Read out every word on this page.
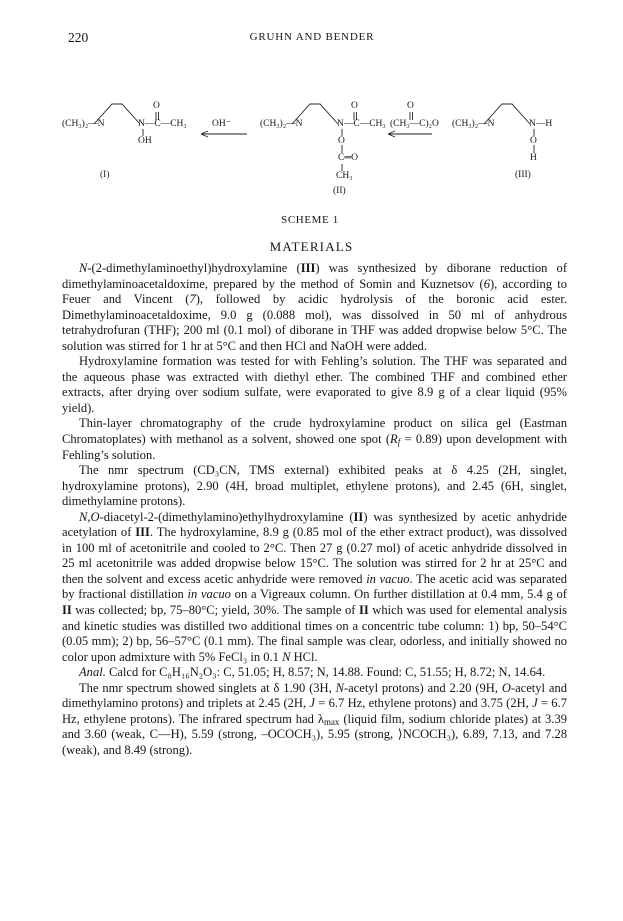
220	GRUHN AND BENDER
(CH₃)₂—N	N—C—CH₃
O
OH
(I)
OH⁻	(CH₃)₂—N	N—C—CH₃
O
O
C═O
CH₃
(II)
(CH₃—C)₂O
O
(CH₃)₂—N	N—H
O
H
(III)
SCHEME 1
MATERIALS

N-(2-dimethylaminoethyl)hydroxylamine (III) was synthesized by diborane reduction of dimethylaminoacetaldoxime, prepared by the method of Somin and Kuznetsov (6), according to Feuer and Vincent (7), followed by acidic hydrolysis of the boronic acid ester. Dimethylaminoacetaldoxime, 9.0 g (0.088 mol), was dissolved in 50 ml of anhydrous tetrahydrofuran (THF); 200 ml (0.1 mol) of diborane in THF was added dropwise below 5°C. The solution was stirred for 1 hr at 5°C and then HCl and NaOH were added.

Hydroxylamine formation was tested for with Fehling’s solution. The THF was separated and the aqueous phase was extracted with diethyl ether. The combined THF and combined ether extracts, after drying over sodium sulfate, were evaporated to give 8.9 g of a clear liquid (95% yield).

Thin-layer chromatography of the crude hydroxylamine product on silica gel (Eastman Chromatoplates) with methanol as a solvent, showed one spot $(R_f = 0.89)$ upon development with Fehling’s solution.

The nmr spectrum (CD₃CN, TMS external) exhibited peaks at δ 4.25 (2H, singlet, hydroxylamine protons), 2.90 (4H, broad multiplet, ethylene protons), and 2.45 (6H, singlet, dimethylamine protons).

N,O-diacetyl-2-(dimethylamino)ethylhydroxylamine (II) was synthesized by acetic anhydride acetylation of III. The hydroxylamine, 8.9 g (0.85 mol of the ether extract product), was dissolved in 100 ml of acetonitrile and cooled to 2°C. Then 27 g (0.27 mol) of acetic anhydride dissolved in 25 ml acetonitrile was added dropwise below 15°C. The solution was stirred for 2 hr at 25°C and then the solvent and excess acetic anhydride were removed in vacuo. The acetic acid was separated by fractional distillation in vacuo on a Vigreaux column. On further distillation at 0.4 mm, 5.4 g of II was collected; bp, 75–80°C; yield, 30%. The sample of II which was used for elemental analysis and kinetic studies was distilled two additional times on a concentric tube column: 1) bp, 50–54°C (0.05 mm); 2) bp, 56–57°C (0.1 mm). The final sample was clear, odorless, and initially showed no color upon admixture with 5% FeCl₃ in 0.1 N HCl.

Anal. Calcd for C₈H₁₆N₂O₃: C, 51.05; H, 8.57; N, 14.88. Found: C, 51.55; H, 8.72; N, 14.64.

The nmr spectrum showed singlets at δ 1.90 (3H, N-acetyl protons) and 2.20 (9H, O-acetyl and dimethylamino protons) and triplets at 2.45 (2H, J = 6.7 Hz, ethylene protons) and 3.75 (2H, J = 6.7 Hz, ethylene protons). The infrared spectrum had $\lambda_{max}$ (liquid film, sodium chloride plates) at 3.39 and 3.60 (weak, C—H), 5.59 (strong, –OCOCH₃), 5.95 (strong, ⟩NCOCH₃), 6.89, 7.13, and 7.28 (weak), and 8.49 (strong).
